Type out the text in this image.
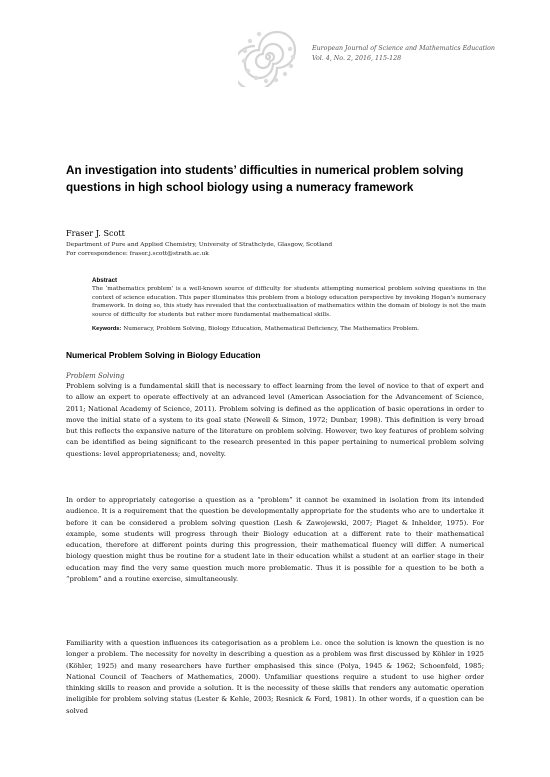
European Journal of Science and Mathematics Education
Vol. 4, No. 2, 2016, 115-128
An investigation into students’ difficulties in numerical problem solving questions in high school biology using a numeracy framework
Fraser J. Scott
Department of Pure and Applied Chemistry, University of Strathclyde, Glasgow, Scotland
For correspondence: fraser.j.scott@strath.ac.uk
Abstract

The ‘mathematics problem’ is a well-known source of difficulty for students attempting numerical problem solving questions in the context of science education. This paper illuminates this problem from a biology education perspective by invoking Hogan’s numeracy framework. In doing so, this study has revealed that the contextualisation of mathematics within the domain of biology is not the main source of difficulty for students but rather more fundamental mathematical skills.

Keywords: Numeracy, Problem Solving, Biology Education, Mathematical Deficiency, The Mathematics Problem.
Numerical Problem Solving in Biology Education
Problem Solving

Problem solving is a fundamental skill that is necessary to effect learning from the level of novice to that of expert and to allow an expert to operate effectively at an advanced level (American Association for the Advancement of Science, 2011; National Academy of Science, 2011). Problem solving is defined as the application of basic operations in order to move the initial state of a system to its goal state (Newell & Simon, 1972; Dunbar, 1998). This definition is very broad but this reflects the expansive nature of the literature on problem solving. However, two key features of problem solving can be identified as being significant to the research presented in this paper pertaining to numerical problem solving questions: level appropriateness; and, novelty.

In order to appropriately categorise a question as a “problem” it cannot be examined in isolation from its intended audience. It is a requirement that the question be developmentally appropriate for the students who are to undertake it before it can be considered a problem solving question (Lesh & Zawojewski, 2007; Piaget & Inhelder, 1975). For example, some students will progress through their Biology education at a different rate to their mathematical education, therefore at different points during this progression, their mathematical fluency will differ. A numerical biology question might thus be routine for a student late in their education whilst a student at an earlier stage in their education may find the very same question much more problematic. Thus it is possible for a question to be both a “problem” and a routine exercise, simultaneously.

Familiarity with a question influences its categorisation as a problem i.e. once the solution is known the question is no longer a problem. The necessity for novelty in describing a question as a problem was first discussed by Köhler in 1925 (Köhler, 1925) and many researchers have further emphasised this since (Polya, 1945 & 1962; Schoenfeld, 1985; National Council of Teachers of Mathematics, 2000). Unfamiliar questions require a student to use higher order thinking skills to reason and provide a solution. It is the necessity of these skills that renders any automatic operation ineligible for problem solving status (Lester & Kehle, 2003; Resnick & Ford, 1981). In other words, if a question can be solved
